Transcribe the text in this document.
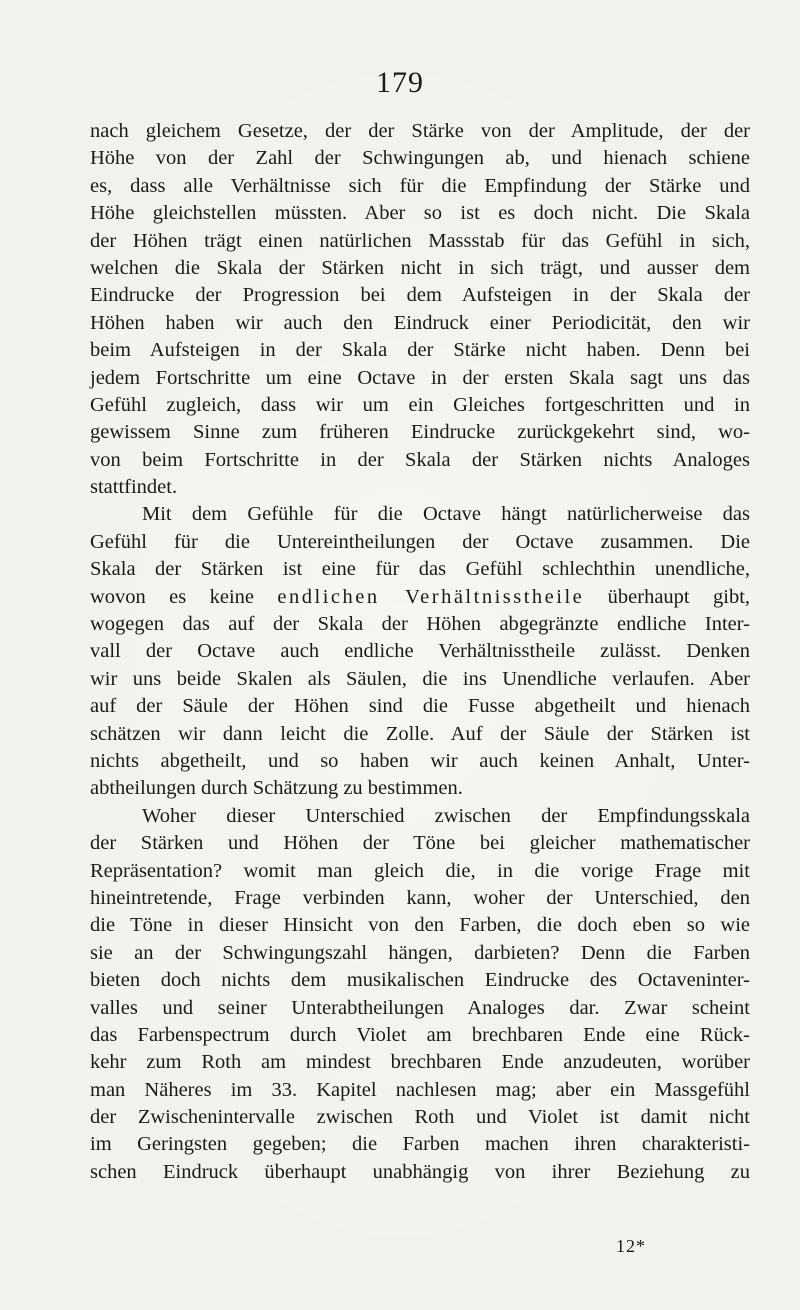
179
nach gleichem Gesetze, der der Stärke von der Amplitude, der der
Höhe von der Zahl der Schwingungen ab, und hienach schiene
es, dass alle Verhältnisse sich für die Empfindung der Stärke und
Höhe gleichstellen müssten. Aber so ist es doch nicht. Die Skala
der Höhen trägt einen natürlichen Massstab für das Gefühl in sich,
welchen die Skala der Stärken nicht in sich trägt, und ausser dem
Eindrucke der Progression bei dem Aufsteigen in der Skala der
Höhen haben wir auch den Eindruck einer Periodicität, den wir
beim Aufsteigen in der Skala der Stärke nicht haben. Denn bei
jedem Fortschritte um eine Octave in der ersten Skala sagt uns das
Gefühl zugleich, dass wir um ein Gleiches fortgeschritten und in
gewissem Sinne zum früheren Eindrucke zurückgekehrt sind, wo-
von beim Fortschritte in der Skala der Stärken nichts Analoges
stattfindet.
Mit dem Gefühle für die Octave hängt natürlicherweise das
Gefühl für die Untereintheilungen der Octave zusammen. Die
Skala der Stärken ist eine für das Gefühl schlechthin unendliche,
wovon es keine endlichen Verhältnisstheile überhaupt gibt,
wogegen das auf der Skala der Höhen abgegränzte endliche Inter-
vall der Octave auch endliche Verhältnisstheile zulässt. Denken
wir uns beide Skalen als Säulen, die ins Unendliche verlaufen. Aber
auf der Säule der Höhen sind die Fusse abgetheilt und hienach
schätzen wir dann leicht die Zolle. Auf der Säule der Stärken ist
nichts abgetheilt, und so haben wir auch keinen Anhalt, Unter-
abtheilungen durch Schätzung zu bestimmen.
Woher dieser Unterschied zwischen der Empfindungsskala
der Stärken und Höhen der Töne bei gleicher mathematischer
Repräsentation? womit man gleich die, in die vorige Frage mit
hineintretende, Frage verbinden kann, woher der Unterschied, den
die Töne in dieser Hinsicht von den Farben, die doch eben so wie
sie an der Schwingungszahl hängen, darbieten? Denn die Farben
bieten doch nichts dem musikalischen Eindrucke des Octaveninter-
valles und seiner Unterabtheilungen Analoges dar. Zwar scheint
das Farbenspectrum durch Violet am brechbaren Ende eine Rück-
kehr zum Roth am mindest brechbaren Ende anzudeuten, worüber
man Näheres im 33. Kapitel nachlesen mag; aber ein Massgefühl
der Zwischenintervalle zwischen Roth und Violet ist damit nicht
im Geringsten gegeben; die Farben machen ihren charakteristi-
schen Eindruck überhaupt unabhängig von ihrer Beziehung zu
12*
